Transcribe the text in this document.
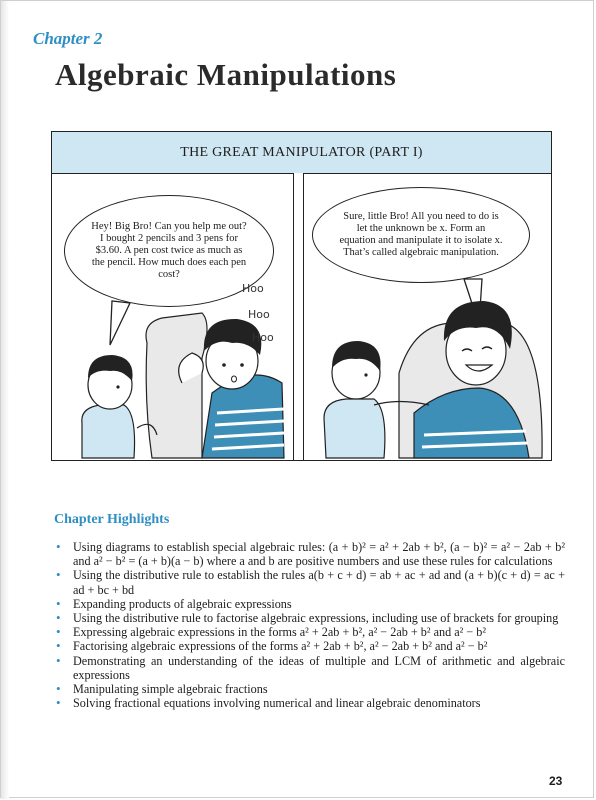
Chapter 2
Algebraic Manipulations
THE GREAT MANIPULATOR (PART I)
Hey! Big Bro! Can you help me out? I bought 2 pencils and 3 pens for $3.60. A pen cost twice as much as the pencil. How much does each pen cost?
Hoo
Hoo
Hoo
Sure, little Bro! All you need to do is let the unknown be x. Form an equation and manipulate it to isolate x. That’s called algebraic manipulation.
Chapter Highlights
• Using diagrams to establish special algebraic rules: (a + b)² = a² + 2ab + b², (a − b)² = a² − 2ab + b² and a² − b² = (a + b)(a − b) where a and b are positive numbers and use these rules for calculations
• Using the distributive rule to establish the rules a(b + c + d) = ab + ac + ad and (a + b)(c + d) = ac + ad + bc + bd
• Expanding products of algebraic expressions
• Using the distributive rule to factorise algebraic expressions, including use of brackets for grouping
• Expressing algebraic expressions in the forms a² + 2ab + b², a² − 2ab + b² and a² − b²
• Factorising algebraic expressions of the forms a² + 2ab + b², a² − 2ab + b² and a² − b²
• Demonstrating an understanding of the ideas of multiple and LCM of arithmetic and algebraic expressions
• Manipulating simple algebraic fractions
• Solving fractional equations involving numerical and linear algebraic denominators
23
